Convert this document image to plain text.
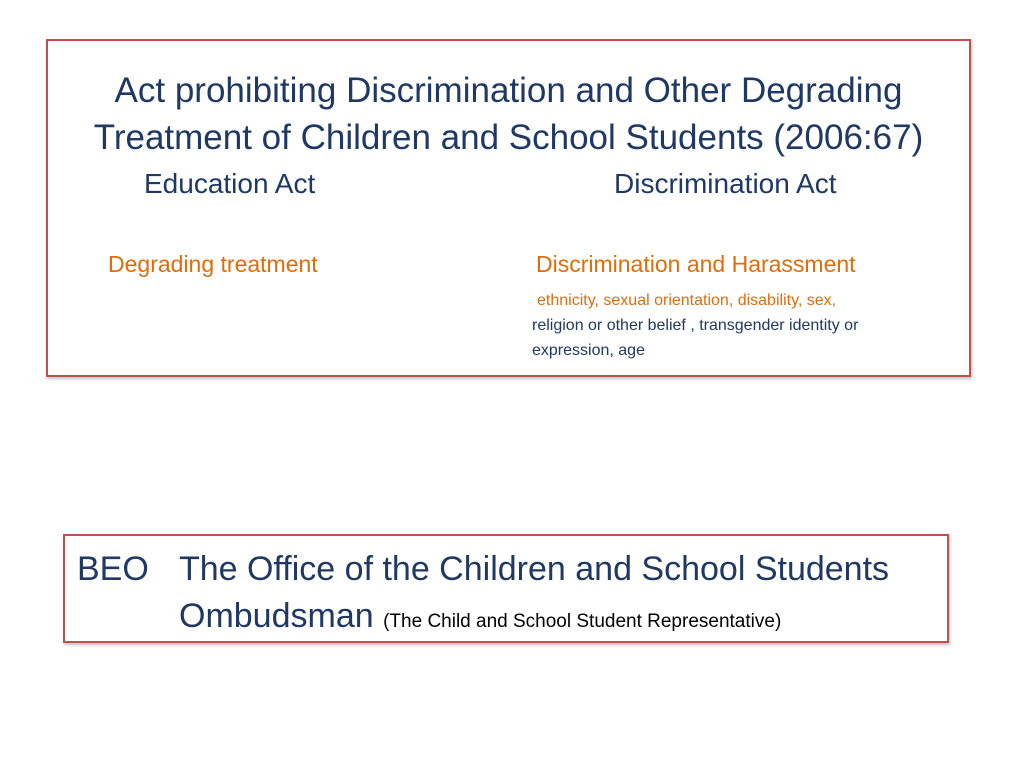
Act prohibiting Discrimination and Other Degrading
Treatment of Children and School Students (2006:67)
Education Act	Discrimination Act
Degrading treatment	Discrimination and Harassment
ethnicity, sexual orientation, disability, sex,
religion or other belief , transgender identity or
expression, age
BEO The Office of the Children and School Students
Ombudsman (The Child and School Student Representative)
